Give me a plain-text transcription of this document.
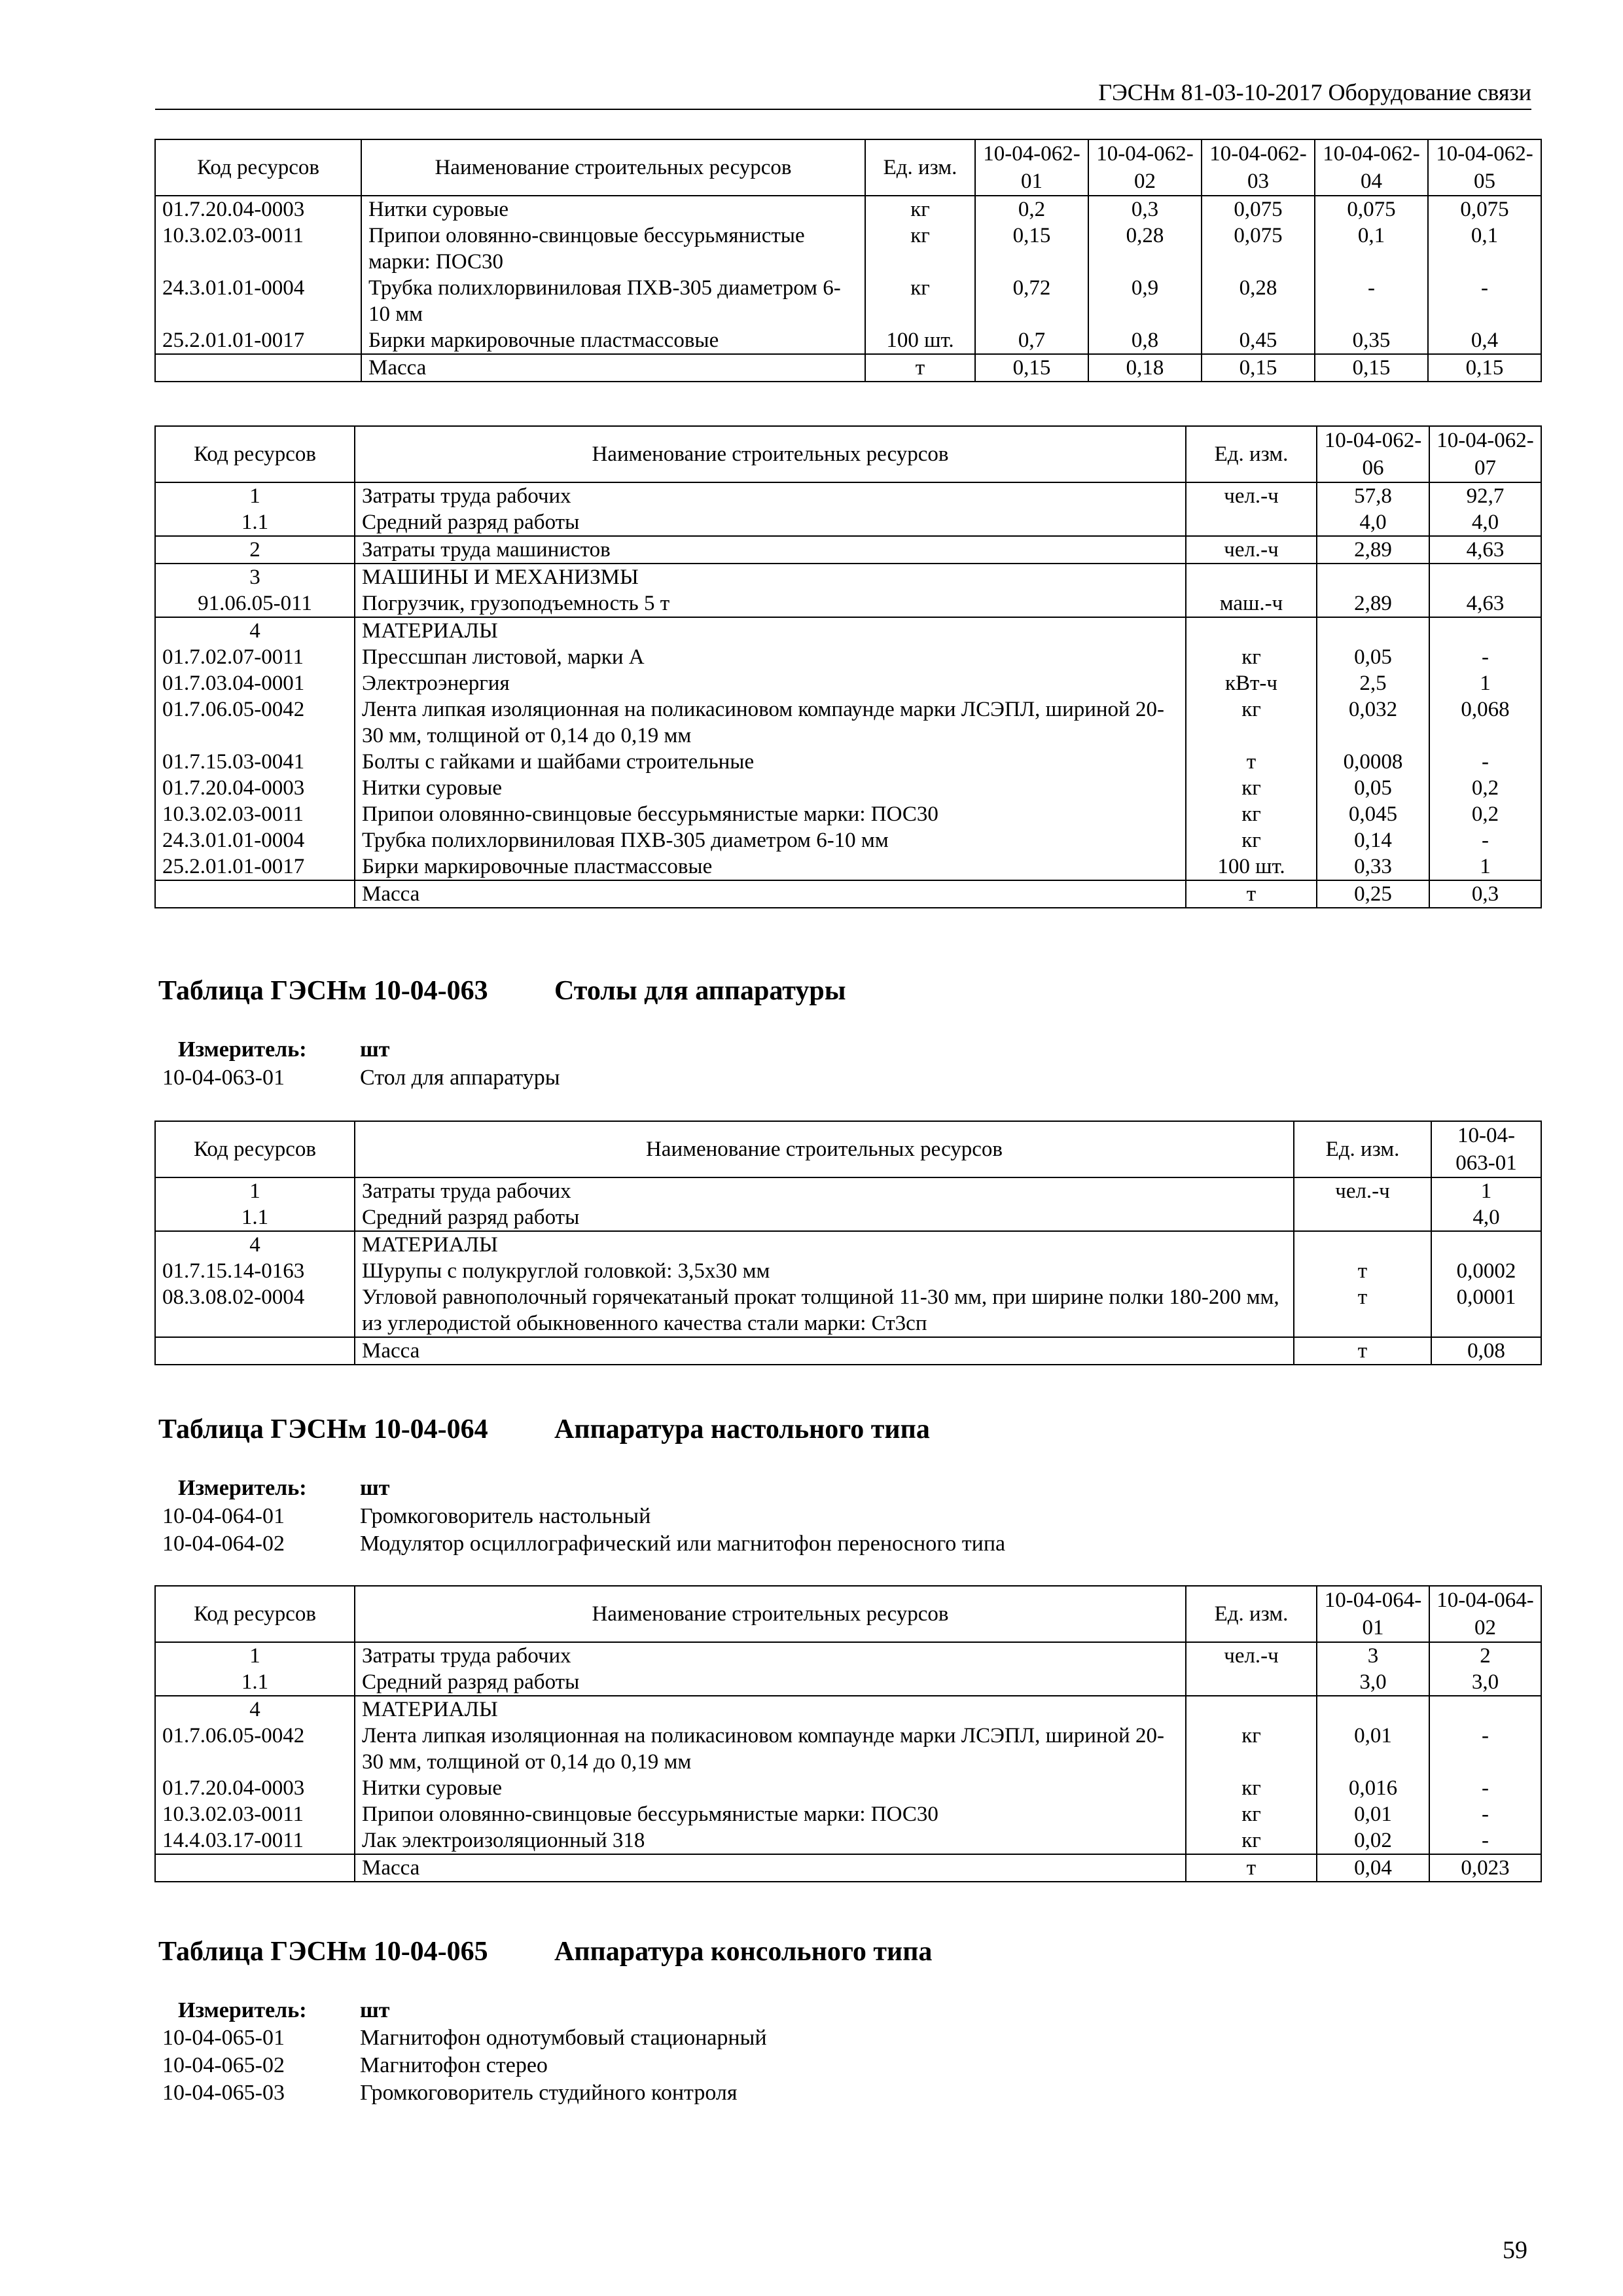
ГЭСНм 81-03-10-2017 Оборудование связи
Код ресурсов	Наименование строительных ресурсов	Ед. изм.	10-04-062-01	10-04-062-02	10-04-062-03	10-04-062-04	10-04-062-05
01.7.20.04-0003	Нитки суровые	кг	0,2	0,3	0,075	0,075	0,075
10.3.02.03-0011	Припои оловянно-свинцовые бессурьмянистые марки: ПОС30	кг	0,15	0,28	0,075	0,1	0,1
24.3.01.01-0004	Трубка полихлорвиниловая ПХВ-305 диаметром 6-10 мм	кг	0,72	0,9	0,28	-	-
25.2.01.01-0017	Бирки маркировочные пластмассовые	100 шт.	0,7	0,8	0,45	0,35	0,4
	Масса	т	0,15	0,18	0,15	0,15	0,15
Код ресурсов	Наименование строительных ресурсов	Ед. изм.	10-04-062-06	10-04-062-07
1	Затраты труда рабочих	чел.-ч	57,8	92,7
1.1	Средний разряд работы		4,0	4,0
2	Затраты труда машинистов	чел.-ч	2,89	4,63
3	МАШИНЫ И МЕХАНИЗМЫ			
91.06.05-011	Погрузчик, грузоподъемность 5 т	маш.-ч	2,89	4,63
4	МАТЕРИАЛЫ			
01.7.02.07-0011	Прессшпан листовой, марки А	кг	0,05	-
01.7.03.04-0001	Электроэнергия	кВт-ч	2,5	1
01.7.06.05-0042	Лента липкая изоляционная на поликасиновом компаунде марки ЛСЭПЛ, шириной 20-30 мм, толщиной от 0,14 до 0,19 мм	кг	0,032	0,068
01.7.15.03-0041	Болты с гайками и шайбами строительные	т	0,0008	-
01.7.20.04-0003	Нитки суровые	кг	0,05	0,2
10.3.02.03-0011	Припои оловянно-свинцовые бессурьмянистые марки: ПОС30	кг	0,045	0,2
24.3.01.01-0004	Трубка полихлорвиниловая ПХВ-305 диаметром 6-10 мм	кг	0,14	-
25.2.01.01-0017	Бирки маркировочные пластмассовые	100 шт.	0,33	1
	Масса	т	0,25	0,3
Таблица ГЭСНм 10-04-063 Столы для аппаратуры
Измеритель: шт
10-04-063-01	Стол для аппаратуры
Код ресурсов	Наименование строительных ресурсов	Ед. изм.	10-04-063-01
1	Затраты труда рабочих	чел.-ч	1
1.1	Средний разряд работы		4,0
4	МАТЕРИАЛЫ		
01.7.15.14-0163	Шурупы с полукруглой головкой: 3,5х30 мм	т	0,0002
08.3.08.02-0004	Угловой равнополочный горячекатаный прокат толщиной 11-30 мм, при ширине полки 180-200 мм, из углеродистой обыкновенного качества стали марки: Ст3сп	т	0,0001
	Масса	т	0,08
Таблица ГЭСНм 10-04-064 Аппаратура настольного типа
Измеритель: шт
10-04-064-01	Громкоговоритель настольный
10-04-064-02	Модулятор осциллографический или магнитофон переносного типа
Код ресурсов	Наименование строительных ресурсов	Ед. изм.	10-04-064-01	10-04-064-02
1	Затраты труда рабочих	чел.-ч	3	2
1.1	Средний разряд работы		3,0	3,0
4	МАТЕРИАЛЫ			
01.7.06.05-0042	Лента липкая изоляционная на поликасиновом компаунде марки ЛСЭПЛ, шириной 20-30 мм, толщиной от 0,14 до 0,19 мм	кг	0,01	-
01.7.20.04-0003	Нитки суровые	кг	0,016	-
10.3.02.03-0011	Припои оловянно-свинцовые бессурьмянистые марки: ПОС30	кг	0,01	-
14.4.03.17-0011	Лак электроизоляционный 318	кг	0,02	-
	Масса	т	0,04	0,023
Таблица ГЭСНм 10-04-065 Аппаратура консольного типа
Измеритель: шт
10-04-065-01	Магнитофон однотумбовый стационарный
10-04-065-02	Магнитофон стерео
10-04-065-03	Громкоговоритель студийного контроля
59
